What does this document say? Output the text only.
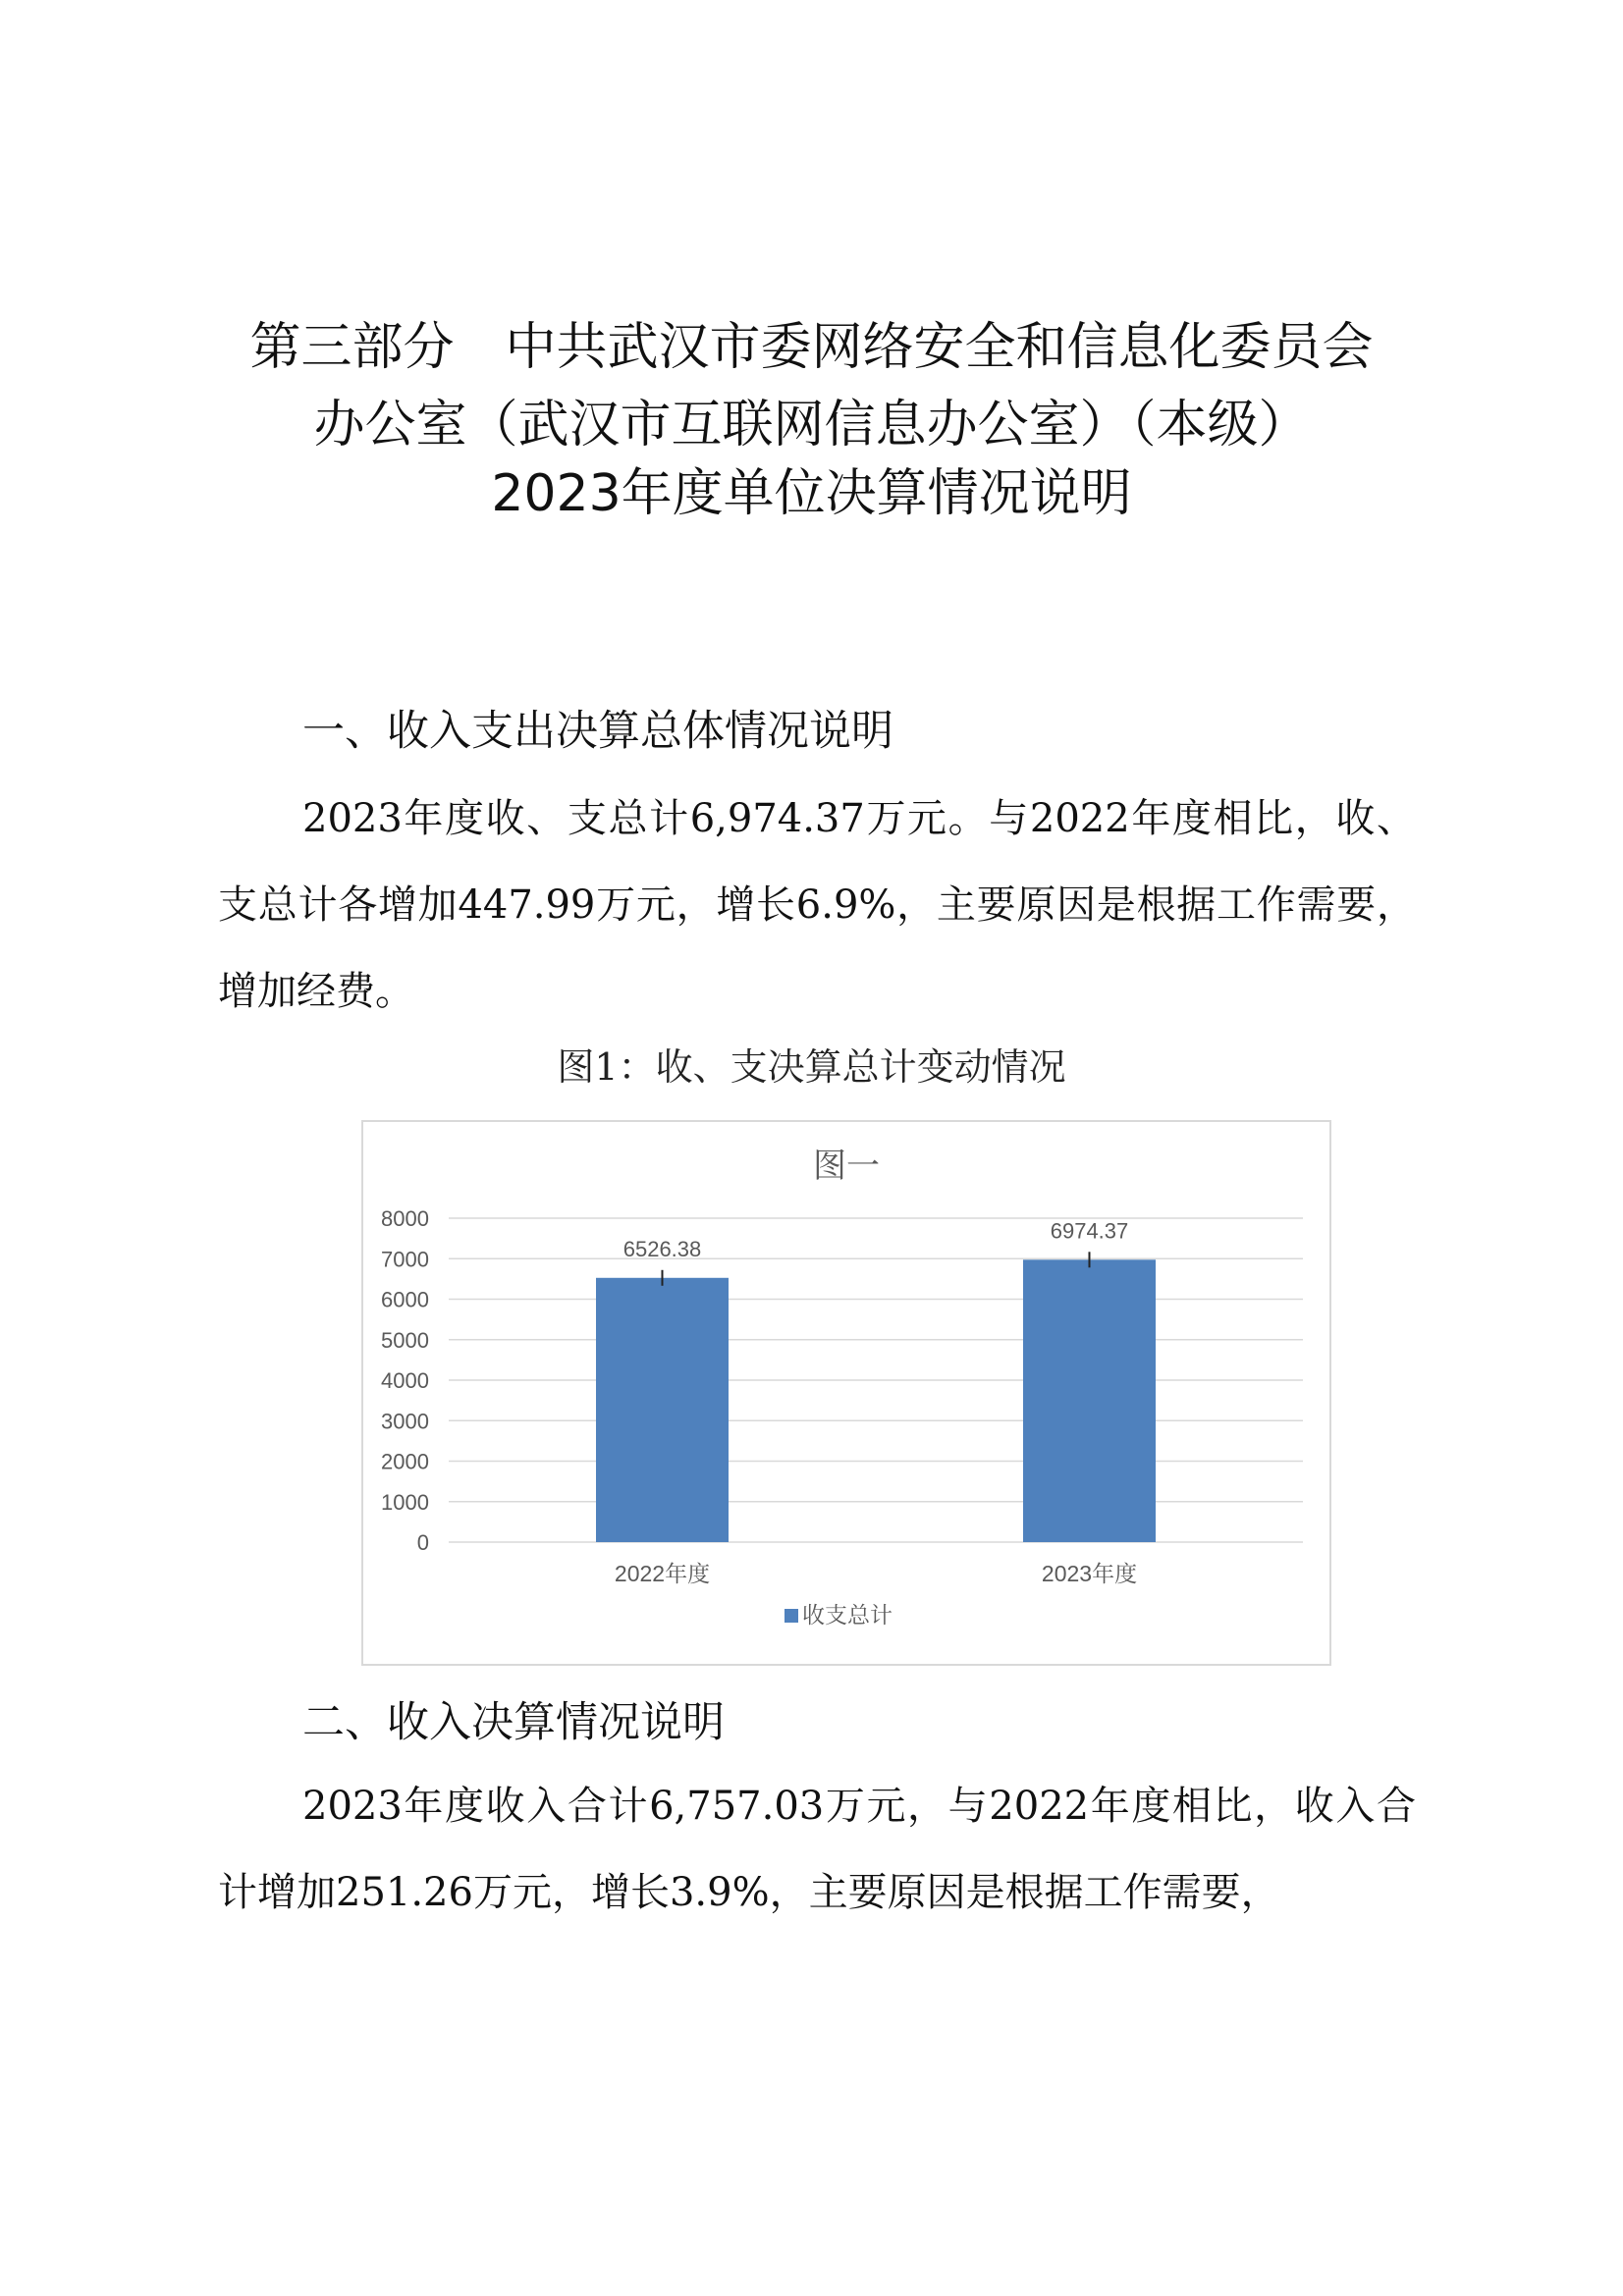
第三部分　中共武汉市委网络安全和信息化委员会
办公室（武汉市互联网信息办公室）（本级）
2023年度单位决算情况说明
一、收入支出决算总体情况说明

2023年度收、支总计6,974.37万元。与2022年度相比，收、支总计各增加447.99万元，增长6.9%，主要原因是根据工作需要，增加经费。

图1：收、支决算总计变动情况
图一
0
1000
2000
3000
4000
5000
6000
7000
8000
6526.38
2022年度
6974.37
2023年度
收支总计
二、收入决算情况说明

2023年度收入合计6,757.03万元，与2022年度相比，收入合计增加251.26万元，增长3.9%，主要原因是根据工作需要，
